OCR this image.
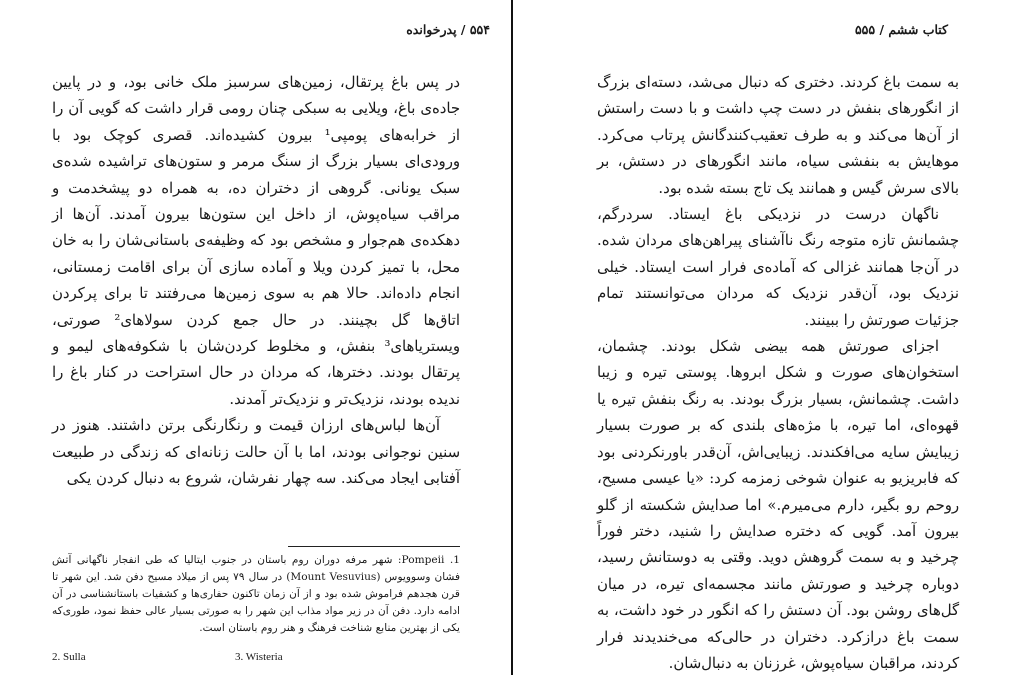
۵۵۴ / پدرخوانده

در پس باغ پرتقال، زمین‌های سرسبز ملک خانی بود، و در پایین جاده‌ی باغ، ویلایی به سبکی چنان رومی قرار داشت که گویی آن را از خرابه‌های پومپی¹ بیرون کشیده‌اند. قصری کوچک بود با ورودی‌ای بسیار بزرگ از سنگ مرمر و ستون‌های تراشیده شده‌ی سبک یونانی. گروهی از دختران ده، به همراه دو پیشخدمت و مراقب سیاه‌پوش، از داخل این ستون‌ها بیرون آمدند. آن‌ها از دهکده‌ی هم‌جوار و مشخص بود که وظیفه‌ی باستانی‌شان را به خان محل، با تمیز کردن ویلا و آماده سازی آن برای اقامت زمستانی، انجام داده‌اند. حالا هم به سوی زمین‌ها می‌رفتند تا برای پرکردن اتاق‌ها گل بچینند. در حال جمع کردن سولاهای² صورتی، ویستریاهای³ بنفش، و مخلوط کردن‌شان با شکوفه‌های لیمو و پرتقال بودند. دخترها، که مردان در حال استراحت در کنار باغ را ندیده بودند، نزدیک‌تر و نزدیک‌تر آمدند.

آن‌ها لباس‌های ارزان قیمت و رنگارنگی برتن داشتند. هنوز در سنین نوجوانی بودند، اما با آن حالت زنانه‌ای که زندگی در طبیعت آفتابی ایجاد می‌کند. سه چهار نفرشان، شروع به دنبال کردن یکی

1. Pompeii: شهر مرفه دوران روم باستان در جنوب ایتالیا که طی انفجار ناگهانی آتش فشان وسوویوس (Mount Vesuvius) در سال ۷۹ پس از میلاد مسیح دفن شد. این شهر تا قرن هجدهم فراموش شده بود و از آن زمان تاکنون حفاری‌ها و کشفیات باستانشناسی در آن ادامه دارد. دفن آن در زیر مواد مذاب این شهر را به صورتی بسیار عالی حفظ نمود، طوری‌که یکی از بهترین منابع شناخت فرهنگ و هنر روم باستان است.

2. Sulla	3. Wisteria
کتاب ششم / ۵۵۵

به سمت باغ کردند. دختری که دنبال می‌شد، دسته‌ای بزرگ از انگورهای بنفش در دست چپ داشت و با دست راستش از آن‌ها می‌کند و به طرف تعقیب‌کنندگانش پرتاب می‌کرد. موهایش به بنفشی سیاه، مانند انگورهای در دستش، بر بالای سرش گیس و همانند یک تاج بسته شده بود.

ناگهان درست در نزدیکی باغ ایستاد. سردرگم، چشمانش تازه متوجه رنگ ناآشنای پیراهن‌های مردان شده. در آن‌جا همانند غزالی که آماده‌ی فرار است ایستاد. خیلی نزدیک بود، آن‌قدر نزدیک که مردان می‌توانستند تمام جزئیات صورتش را ببینند.

اجزای صورتش همه بیضی شکل بودند. چشمان، استخوان‌های صورت و شکل ابروها. پوستی تیره و زیبا داشت. چشمانش، بسیار بزرگ بودند. به رنگ بنفش تیره یا قهوه‌ای، اما تیره، با مژه‌های بلندی که بر صورت بسیار زیبایش سایه می‌افکندند. زیبایی‌اش، آن‌قدر باورنکردنی بود که فابریزیو به عنوان شوخی زمزمه کرد: «یا عیسی مسیح، روحم رو بگیر، دارم می‌میرم.» اما صدایش شکسته از گلو بیرون آمد. گویی که دختره صدایش را شنید، دختر فوراً چرخید و به سمت گروهش دوید. وقتی به دوستانش رسید، دوباره چرخید و صورتش مانند مجسمه‌ای تیره، در میان گل‌های روشن بود. آن دستش را که انگور در خود داشت، به سمت باغ درازکرد. دختران در حالی‌که می‌خندیدند فرار کردند، مراقبان سیاه‌پوش، غرزنان به دنبال‌شان.
